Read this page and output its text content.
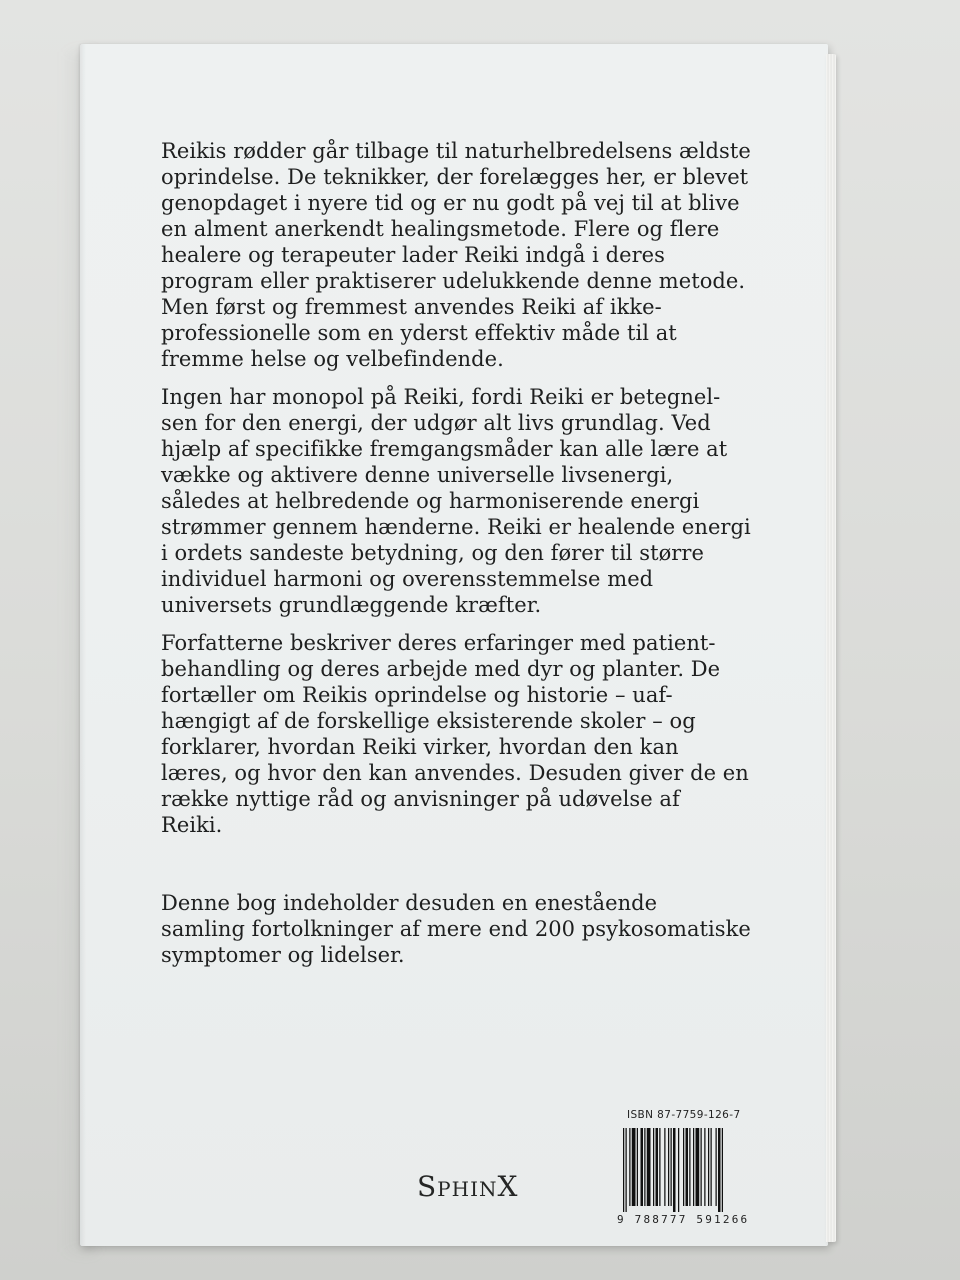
Reikis rødder går tilbage til naturhelbredelsens ældste
oprindelse. De teknikker, der forelægges her, er blevet
genopdaget i nyere tid og er nu godt på vej til at blive
en alment anerkendt healingsmetode. Flere og flere
healere og terapeuter lader Reiki indgå i deres
program eller praktiserer udelukkende denne metode.
Men først og fremmest anvendes Reiki af ikke-
professionelle som en yderst effektiv måde til at
fremme helse og velbefindende.

Ingen har monopol på Reiki, fordi Reiki er betegnel-
sen for den energi, der udgør alt livs grundlag. Ved
hjælp af specifikke fremgangsmåder kan alle lære at
vække og aktivere denne universelle livsenergi,
således at helbredende og harmoniserende energi
strømmer gennem hænderne. Reiki er healende energi
i ordets sandeste betydning, og den fører til større
individuel harmoni og overensstemmelse med
universets grundlæggende kræfter.

Forfatterne beskriver deres erfaringer med patient-
behandling og deres arbejde med dyr og planter. De
fortæller om Reikis oprindelse og historie – uaf-
hængigt af de forskellige eksisterende skoler – og
forklarer, hvordan Reiki virker, hvordan den kan
læres, og hvor den kan anvendes. Desuden giver de en
række nyttige råd og anvisninger på udøvelse af
Reiki.

Denne bog indeholder desuden en enestående
samling fortolkninger af mere end 200 psykosomatiske
symptomer og lidelser.

SphinX
ISBN 87-7759-126-7
9 788777 591266
